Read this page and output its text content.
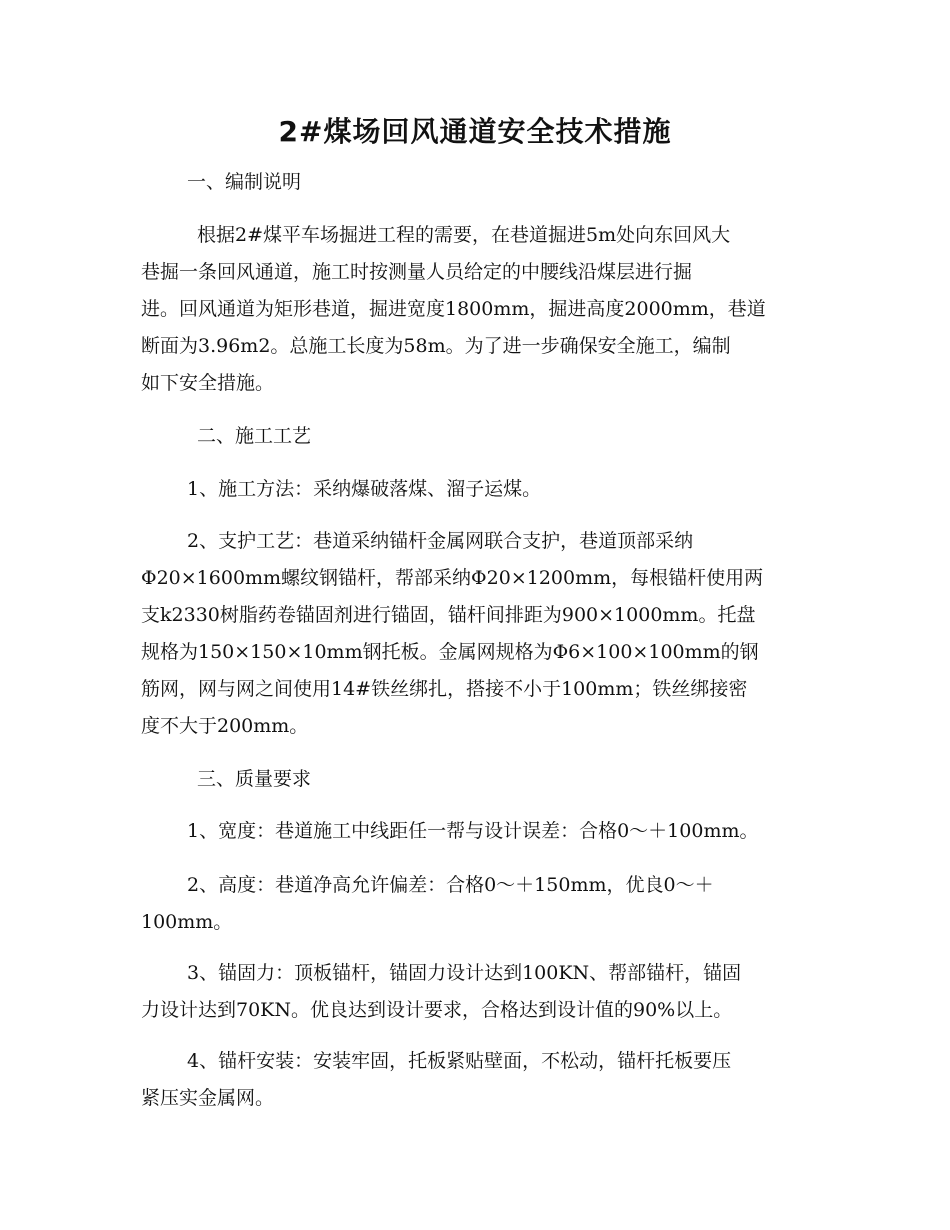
2#煤场回风通道安全技术措施
一、编制说明
根据2#煤平车场掘进工程的需要，在巷道掘进5m处向东回风大
巷掘一条回风通道，施工时按测量人员给定的中腰线沿煤层进行掘
进。回风通道为矩形巷道，掘进宽度1800mm，掘进高度2000mm，巷道
断面为3.96m2。总施工长度为58m。为了进一步确保安全施工，编制
如下安全措施。
二、施工工艺
1、施工方法：采纳爆破落煤、溜子运煤。
2、支护工艺：巷道采纳锚杆金属网联合支护，巷道顶部采纳
Φ20×1600mm螺纹钢锚杆，帮部采纳Φ20×1200mm，每根锚杆使用两
支k2330树脂药卷锚固剂进行锚固，锚杆间排距为900×1000mm。托盘
规格为150×150×10mm钢托板。金属网规格为Φ6×100×100mm的钢
筋网，网与网之间使用14#铁丝绑扎，搭接不小于100mm；铁丝绑接密
度不大于200mm。
三、质量要求
1、宽度：巷道施工中线距任一帮与设计误差：合格0～＋100mm。
2、高度：巷道净高允许偏差：合格0～＋150mm，优良0～＋
100mm。
3、锚固力：顶板锚杆，锚固力设计达到100KN、帮部锚杆，锚固
力设计达到70KN。优良达到设计要求，合格达到设计值的90%以上。
4、锚杆安装：安装牢固，托板紧贴壁面，不松动，锚杆托板要压
紧压实金属网。
